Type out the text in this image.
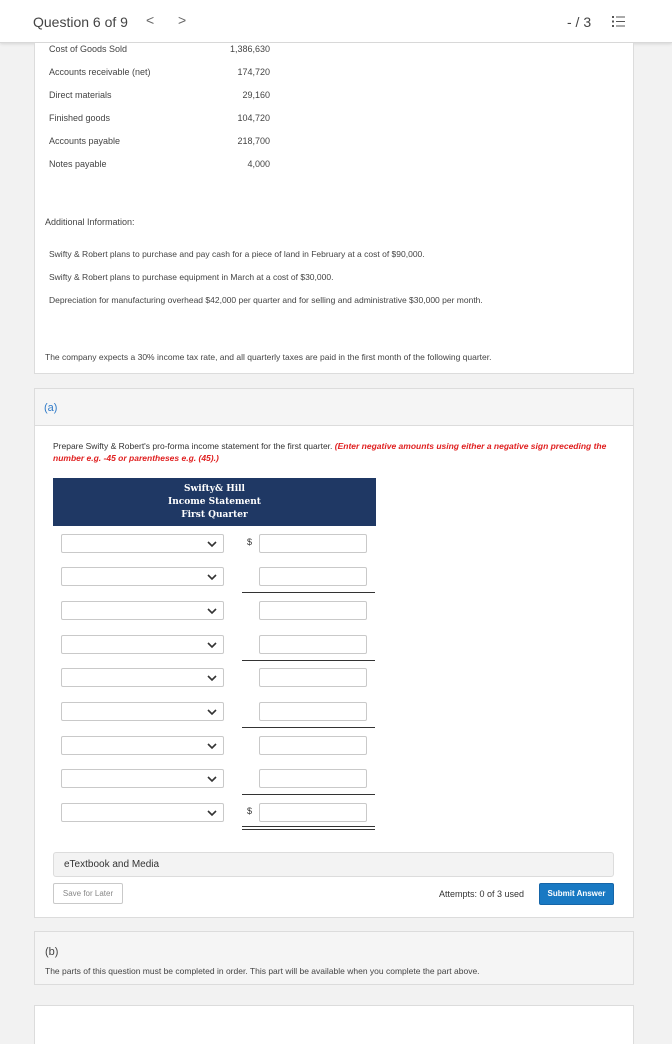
Question 6 of 9 < >	- / 3
Cost of Goods Sold	1,386,630
Accounts receivable (net)	174,720
Direct materials	29,160
Finished goods	104,720
Accounts payable	218,700
Notes payable	4,000
Additional Information:
Swifty & Robert plans to purchase and pay cash for a piece of land in February at a cost of $90,000.
Swifty & Robert plans to purchase equipment in March at a cost of $30,000.
Depreciation for manufacturing overhead $42,000 per quarter and for selling and administrative $30,000 per month.
The company expects a 30% income tax rate, and all quarterly taxes are paid in the first month of the following quarter.
(a)
Prepare Swifty & Robert's pro-forma income statement for the first quarter. (Enter negative amounts using either a negative sign preceding the number e.g. -45 or parentheses e.g. (45).)
Swifty& Hill
Income Statement
First Quarter
$
$
eTextbook and Media
Save for Later	Attempts: 0 of 3 used	Submit Answer
(b)
The parts of this question must be completed in order. This part will be available when you complete the part above.
